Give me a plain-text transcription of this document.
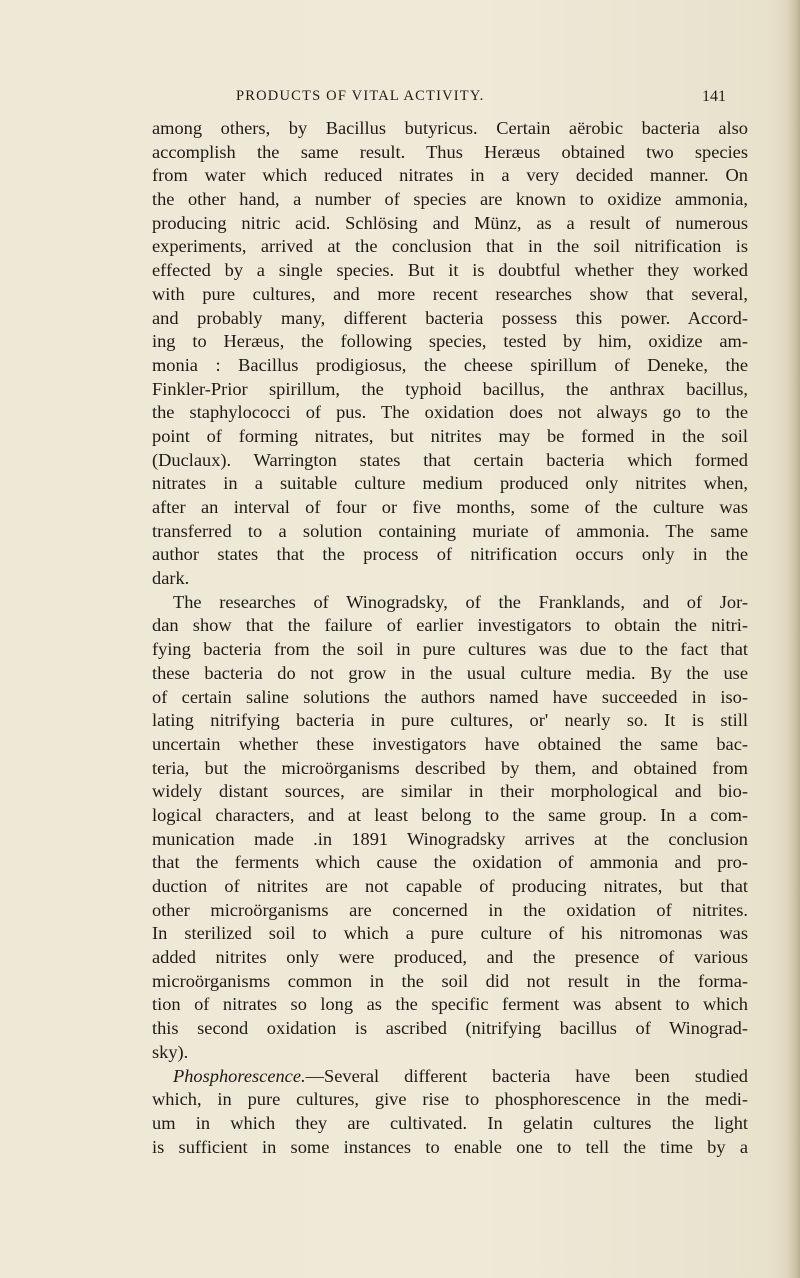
PRODUCTS OF VITAL ACTIVITY.	141
among others, by Bacillus butyricus. Certain aërobic bacteria also
accomplish the same result. Thus Heræus obtained two species
from water which reduced nitrates in a very decided manner. On
the other hand, a number of species are known to oxidize ammonia,
producing nitric acid. Schlösing and Münz, as a result of numerous
experiments, arrived at the conclusion that in the soil nitrification is
effected by a single species. But it is doubtful whether they worked
with pure cultures, and more recent researches show that several,
and probably many, different bacteria possess this power. Accord-
ing to Heræus, the following species, tested by him, oxidize am-
monia : Bacillus prodigiosus, the cheese spirillum of Deneke, the
Finkler-Prior spirillum, the typhoid bacillus, the anthrax bacillus,
the staphylococci of pus. The oxidation does not always go to the
point of forming nitrates, but nitrites may be formed in the soil
(Duclaux). Warrington states that certain bacteria which formed
nitrates in a suitable culture medium produced only nitrites when,
after an interval of four or five months, some of the culture was
transferred to a solution containing muriate of ammonia. The same
author states that the process of nitrification occurs only in the
dark.
The researches of Winogradsky, of the Franklands, and of Jor-
dan show that the failure of earlier investigators to obtain the nitri-
fying bacteria from the soil in pure cultures was due to the fact that
these bacteria do not grow in the usual culture media. By the use
of certain saline solutions the authors named have succeeded in iso-
lating nitrifying bacteria in pure cultures, or' nearly so. It is still
uncertain whether these investigators have obtained the same bac-
teria, but the microörganisms described by them, and obtained from
widely distant sources, are similar in their morphological and bio-
logical characters, and at least belong to the same group. In a com-
munication made .in 1891 Winogradsky arrives at the conclusion
that the ferments which cause the oxidation of ammonia and pro-
duction of nitrites are not capable of producing nitrates, but that
other microörganisms are concerned in the oxidation of nitrites.
In sterilized soil to which a pure culture of his nitromonas was
added nitrites only were produced, and the presence of various
microörganisms common in the soil did not result in the forma-
tion of nitrates so long as the specific ferment was absent to which
this second oxidation is ascribed (nitrifying bacillus of Winograd-
sky).
Phosphorescence.—Several different bacteria have been studied
which, in pure cultures, give rise to phosphorescence in the medi-
um in which they are cultivated. In gelatin cultures the light
is sufficient in some instances to enable one to tell the time by a
